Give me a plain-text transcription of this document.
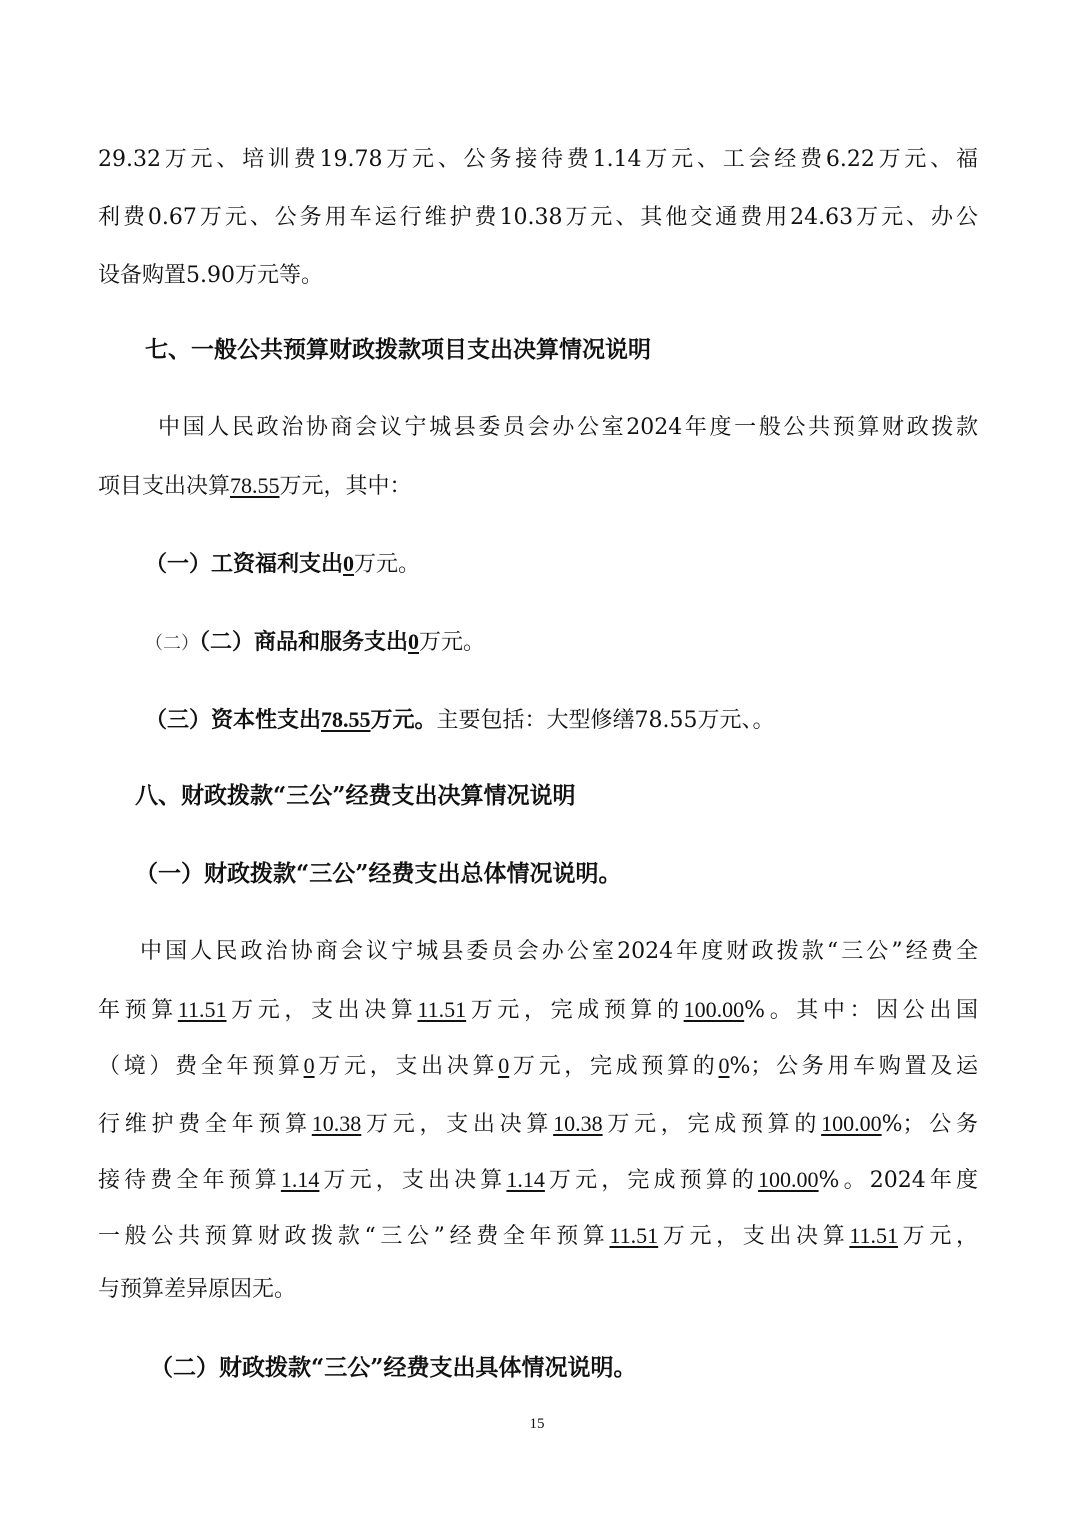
29.32万元、培训费19.78万元、公务接待费1.14万元、工会经费6.22万元、福

利费0.67万元、公务用车运行维护费10.38万元、其他交通费用24.63万元、办公

设备购置5.90万元等。

七、一般公共预算财政拨款项目支出决算情况说明

中国人民政治协商会议宁城县委员会办公室2024年度一般公共预算财政拨款

项目支出决算78.55万元，其中：

（一）工资福利支出0万元。

（二）（二）商品和服务支出0万元。

（三）资本性支出78.55万元。主要包括：大型修缮78.55万元、。

八、财政拨款“三公”经费支出决算情况说明

（一）财政拨款“三公”经费支出总体情况说明。

中国人民政治协商会议宁城县委员会办公室2024年度财政拨款“三公”经费全

年预算11.51万元，支出决算11.51万元，完成预算的100.00%。其中：因公出国

（境）费全年预算0万元，支出决算0万元，完成预算的0%；公务用车购置及运

行维护费全年预算10.38万元，支出决算10.38万元，完成预算的100.00%；公务

接待费全年预算1.14万元，支出决算1.14万元，完成预算的100.00%。2024年度

一般公共预算财政拨款“三公”经费全年预算11.51万元，支出决算11.51万元，

与预算差异原因无。

（二）财政拨款“三公”经费支出具体情况说明。

15
